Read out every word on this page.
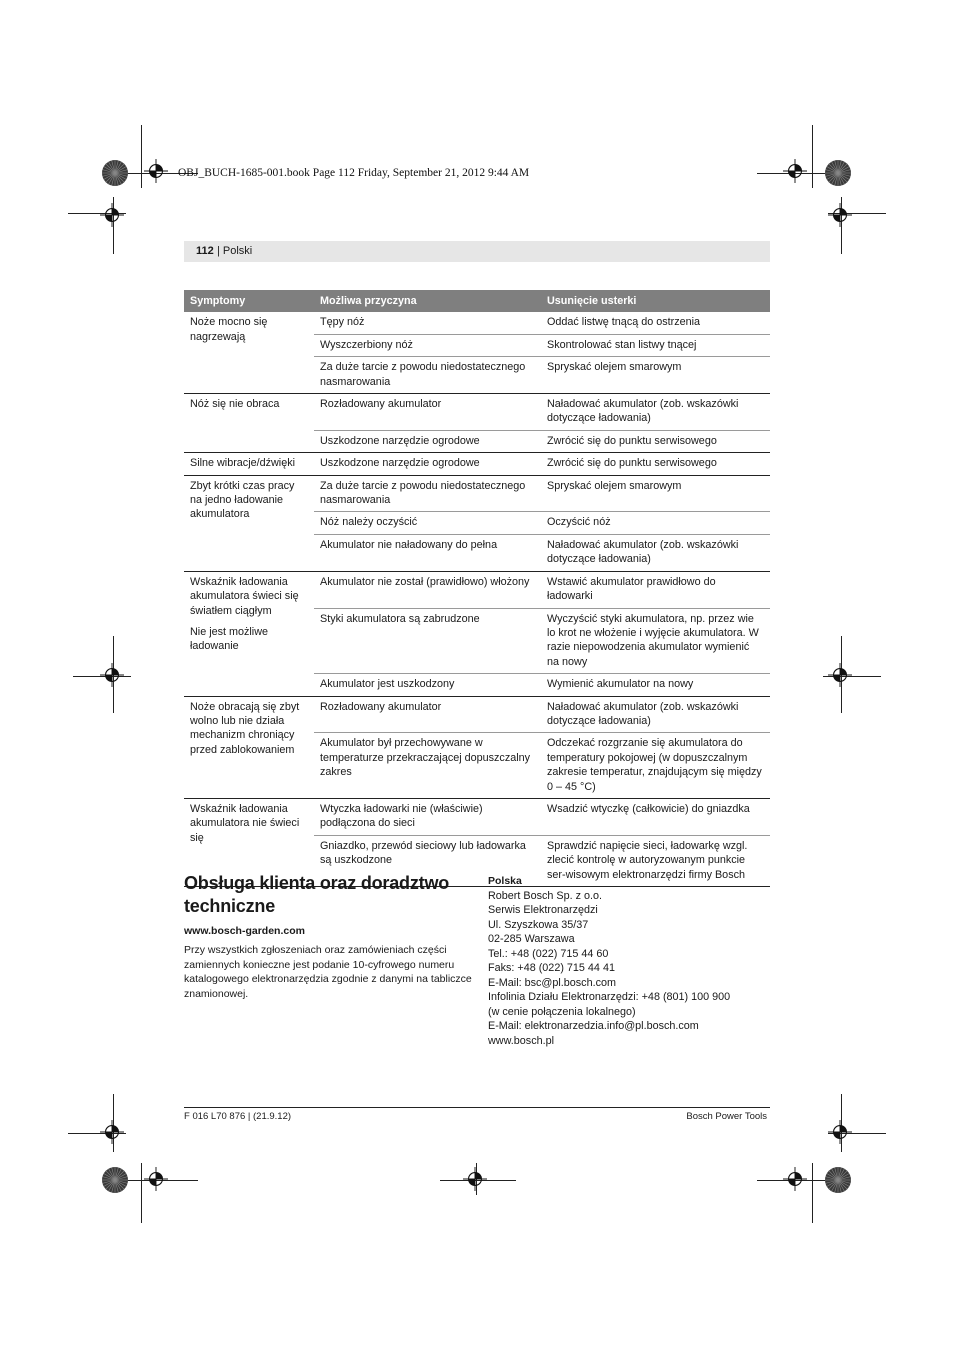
OBJ_BUCH-1685-001.book Page 112 Friday, September 21, 2012 9:44 AM
112 | Polski
Symptomy	Możliwa przyczyna	Usunięcie usterki

Noże mocno się nagrzewają	Tępy nóż	Oddać listwę tnącą do ostrzenia
	Wyszczerbiony nóż	Skontrolować stan listwy tnącej
	Za duże tarcie z powodu niedostatecznego nasmarowania	Spryskać olejem smarowym

Nóż się nie obraca	Rozładowany akumulator	Naładować akumulator (zob. wskazówki dotyczące ładowania)
	Uszkodzone narzędzie ogrodowe	Zwrócić się do punktu serwisowego

Silne wibracje/dźwięki	Uszkodzone narzędzie ogrodowe	Zwrócić się do punktu serwisowego

Zbyt krótki czas pracy na jedno ładowanie akumulatora	Za duże tarcie z powodu niedostatecznego nasmarowania	Spryskać olejem smarowym
	Nóż należy oczyścić	Oczyścić nóż
	Akumulator nie naładowany do pełna	Naładować akumulator (zob. wskazówki dotyczące ładowania)

Wskaźnik ładowania akumulatora świeci się światłem ciągłym
Nie jest możliwe ładowanie	Akumulator nie został (prawidłowo) włożony	Wstawić akumulator prawidłowo do ładowarki
	Styki akumulatora są zabrudzone	Wyczyścić styki akumulatora, np. przez wie lo krot ne włożenie i wyjęcie akumulatora. W razie niepowodzenia akumulator wymienić na nowy
	Akumulator jest uszkodzony	Wymienić akumulator na nowy

Noże obracają się zbyt wolno lub nie działa mechanizm chroniący przed zablokowaniem	Rozładowany akumulator	Naładować akumulator (zob. wskazówki dotyczące ładowania)
	Akumulator był przechowywane w temperaturze przekraczającej dopuszczalny zakres	Odczekać rozgrzanie się akumulatora do temperatury pokojowej (w dopuszczalnym zakresie temperatur, znajdującym się między 0 – 45 °C)

Wskaźnik ładowania akumulatora nie świeci się	Wtyczka ładowarki nie (właściwie) podłączona do sieci	Wsadzić wtyczkę (całkowicie) do gniazdka
	Gniazdko, przewód sieciowy lub ładowarka są uszkodzone	Sprawdzić napięcie sieci, ładowarkę wzgl. zlecić kontrolę w autoryzowanym punkcie ser-wisowym elektronarzędzi firmy Bosch
Obsługa klienta oraz doradztwo techniczne
www.bosch-garden.com
Przy wszystkich zgłoszeniach oraz zamówieniach części zamiennych konieczne jest podanie 10-cyfrowego numeru katalogowego elektronarzędzia zgodnie z danymi na tabliczce znamionowej.
Polska
Robert Bosch Sp. z o.o.
Serwis Elektronarzędzi
Ul. Szyszkowa 35/37
02-285 Warszawa
Tel.: +48 (022) 715 44 60
Faks: +48 (022) 715 44 41
E-Mail: bsc@pl.bosch.com
Infolinia Działu Elektronarzędzi: +48 (801) 100 900
(w cenie połączenia lokalnego)
E-Mail: elektronarzedzia.info@pl.bosch.com
www.bosch.pl
F 016 L70 876 | (21.9.12)	Bosch Power Tools
